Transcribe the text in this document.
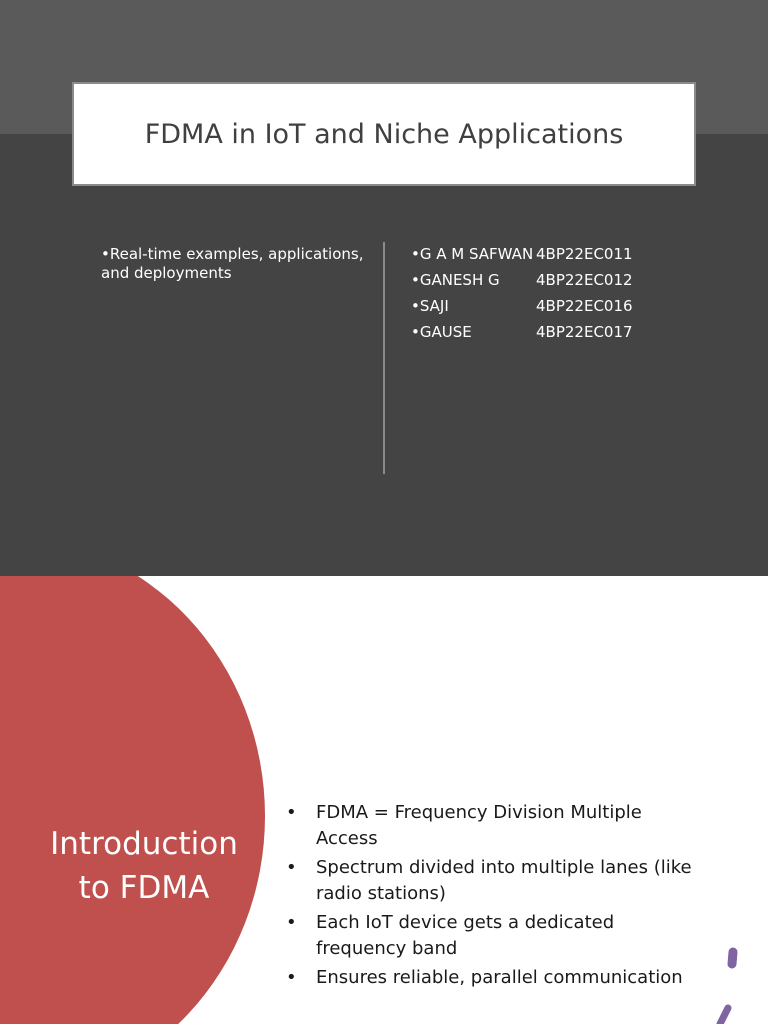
FDMA in IoT and Niche Applications
•Real-time examples, applications, and deployments
•G A M SAFWAN 4BP22EC011
•GANESH G	4BP22EC012
•SAJI	4BP22EC016
•GAUSE	4BP22EC017
Introduction to FDMA
• FDMA = Frequency Division Multiple Access
• Spectrum divided into multiple lanes (like radio stations)
• Each IoT device gets a dedicated frequency band
• Ensures reliable, parallel communication
